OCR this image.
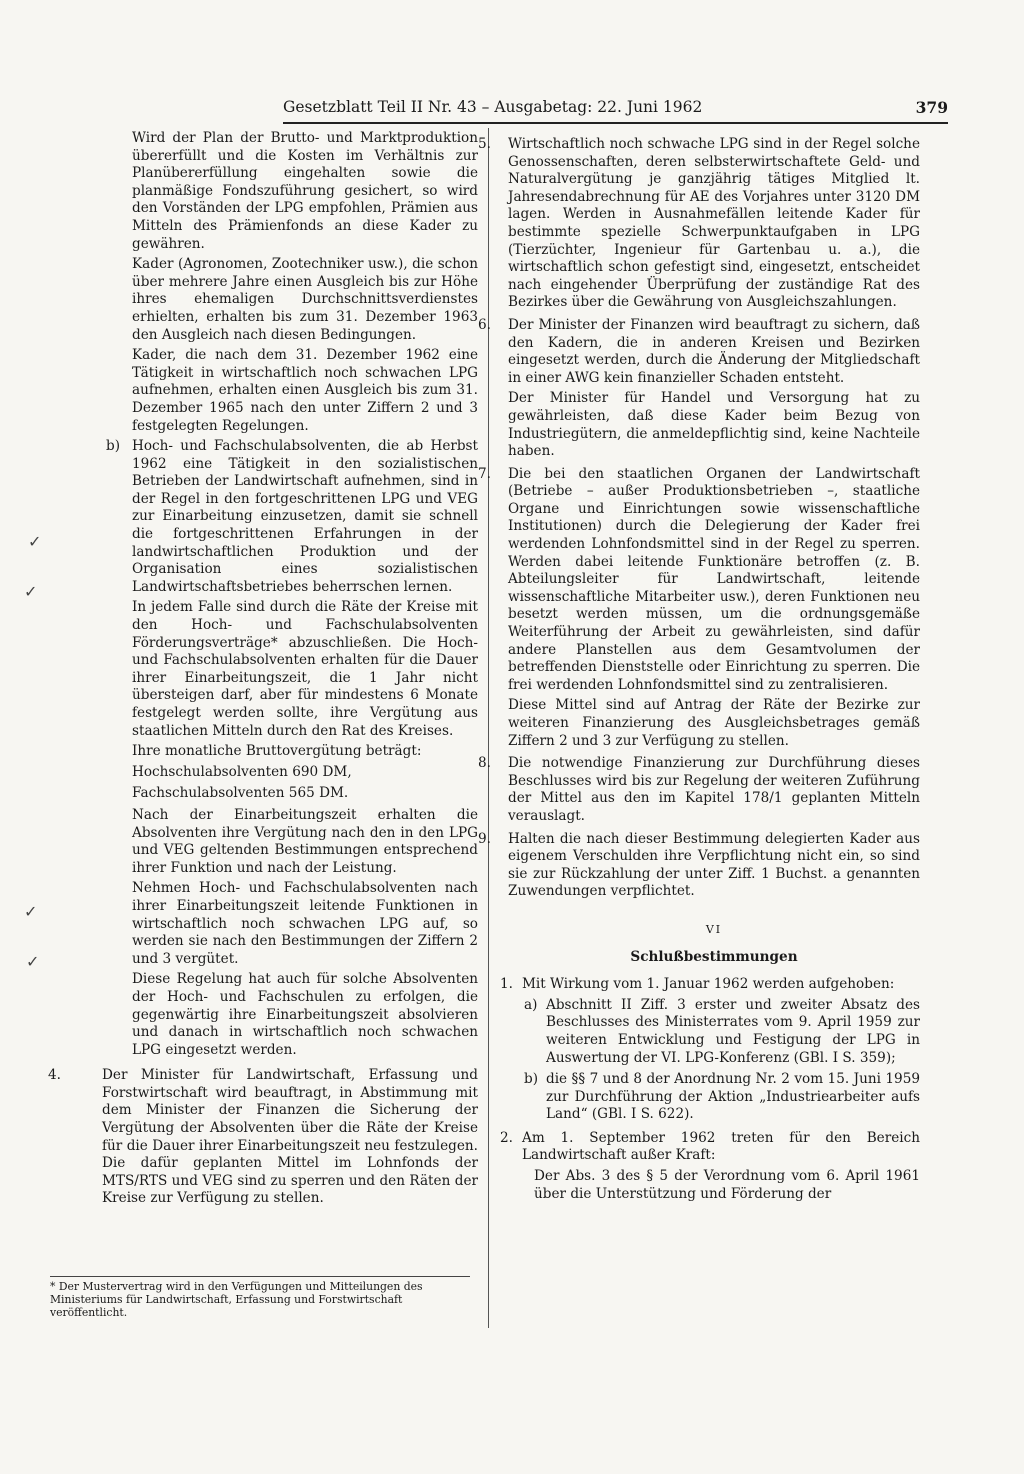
Gesetzblatt Teil II Nr. 43 – Ausgabetag: 22. Juni 1962	379
✓
✓
✓
✓

Wird der Plan der Brutto- und Marktproduktion übererfüllt und die Kosten im Verhältnis zur Planübererfüllung eingehalten sowie die planmäßige Fondszuführung gesichert, so wird den Vorständen der LPG empfohlen, Prämien aus Mitteln des Prämienfonds an diese Kader zu gewähren.

Kader (Agronomen, Zootechniker usw.), die schon über mehrere Jahre einen Ausgleich bis zur Höhe ihres ehemaligen Durchschnittsverdienstes erhielten, erhalten bis zum 31. Dezember 1963 den Ausgleich nach diesen Bedingungen.

Kader, die nach dem 31. Dezember 1962 eine Tätigkeit in wirtschaftlich noch schwachen LPG aufnehmen, erhalten einen Ausgleich bis zum 31. Dezember 1965 nach den unter Ziffern 2 und 3 festgelegten Regelungen.

b) Hoch- und Fachschulabsolventen, die ab Herbst 1962 eine Tätigkeit in den sozialistischen Betrieben der Landwirtschaft aufnehmen, sind in der Regel in den fortgeschrittenen LPG und VEG zur Einarbeitung einzusetzen, damit sie schnell die fortgeschrittenen Erfahrungen in der landwirtschaftlichen Produktion und der Organisation eines sozialistischen Landwirtschaftsbetriebes beherrschen lernen.

In jedem Falle sind durch die Räte der Kreise mit den Hoch- und Fachschulabsolventen Förderungsverträge* abzuschließen. Die Hoch- und Fachschulabsolventen erhalten für die Dauer ihrer Einarbeitungszeit, die 1 Jahr nicht übersteigen darf, aber für mindestens 6 Monate festgelegt werden sollte, ihre Vergütung aus staatlichen Mitteln durch den Rat des Kreises.

Ihre monatliche Bruttovergütung beträgt:

Hochschulabsolventen 690 DM,

Fachschulabsolventen 565 DM.

Nach der Einarbeitungszeit erhalten die Absolventen ihre Vergütung nach den in den LPG und VEG geltenden Bestimmungen entsprechend ihrer Funktion und nach der Leistung.

Nehmen Hoch- und Fachschulabsolventen nach ihrer Einarbeitungszeit leitende Funktionen in wirtschaftlich noch schwachen LPG auf, so werden sie nach den Bestimmungen der Ziffern 2 und 3 vergütet.

Diese Regelung hat auch für solche Absolventen der Hoch- und Fachschulen zu erfolgen, die gegenwärtig ihre Einarbeitungszeit absolvieren und danach in wirtschaftlich noch schwachen LPG eingesetzt werden.

4.	Der Minister für Landwirtschaft, Erfassung und Forstwirtschaft wird beauftragt, in Abstimmung mit dem Minister der Finanzen die Sicherung der Vergütung der Absolventen über die Räte der Kreise für die Dauer ihrer Einarbeitungszeit neu festzulegen. Die dafür geplanten Mittel im Lohnfonds der MTS/RTS und VEG sind zu sperren und den Räten der Kreise zur Verfügung zu stellen.

* Der Mustervertrag wird in den Verfügungen und Mitteilungen des Ministeriums für Landwirtschaft, Erfassung und Forstwirtschaft veröffentlicht.
5. Wirtschaftlich noch schwache LPG sind in der Regel solche Genossenschaften, deren selbsterwirtschaftete Geld- und Naturalvergütung je ganzjährig tätiges Mitglied lt. Jahresendabrechnung für AE des Vorjahres unter 3120 DM lagen. Werden in Ausnahmefällen leitende Kader für bestimmte spezielle Schwerpunktaufgaben in LPG (Tierzüchter, Ingenieur für Gartenbau u. a.), die wirtschaftlich schon gefestigt sind, eingesetzt, entscheidet nach eingehender Überprüfung der zuständige Rat des Bezirkes über die Gewährung von Ausgleichszahlungen.

6. Der Minister der Finanzen wird beauftragt zu sichern, daß den Kadern, die in anderen Kreisen und Bezirken eingesetzt werden, durch die Änderung der Mitgliedschaft in einer AWG kein finanzieller Schaden entsteht.

Der Minister für Handel und Versorgung hat zu gewährleisten, daß diese Kader beim Bezug von Industriegütern, die anmeldepflichtig sind, keine Nachteile haben.

7. Die bei den staatlichen Organen der Landwirtschaft (Betriebe – außer Produktionsbetrieben –, staatliche Organe und Einrichtungen sowie wissenschaftliche Institutionen) durch die Delegierung der Kader frei werdenden Lohnfondsmittel sind in der Regel zu sperren. Werden dabei leitende Funktionäre betroffen (z. B. Abteilungsleiter für Landwirtschaft, leitende wissenschaftliche Mitarbeiter usw.), deren Funktionen neu besetzt werden müssen, um die ordnungsgemäße Weiterführung der Arbeit zu gewährleisten, sind dafür andere Planstellen aus dem Gesamtvolumen der betreffenden Dienststelle oder Einrichtung zu sperren. Die frei werdenden Lohnfondsmittel sind zu zentralisieren.

Diese Mittel sind auf Antrag der Räte der Bezirke zur weiteren Finanzierung des Ausgleichsbetrages gemäß Ziffern 2 und 3 zur Verfügung zu stellen.

8. Die notwendige Finanzierung zur Durchführung dieses Beschlusses wird bis zur Regelung der weiteren Zuführung der Mittel aus den im Kapitel 178/1 geplanten Mitteln verauslagt.

9. Halten die nach dieser Bestimmung delegierten Kader aus eigenem Verschulden ihre Verpflichtung nicht ein, so sind sie zur Rückzahlung der unter Ziff. 1 Buchst. a genannten Zuwendungen verpflichtet.

VI
Schlußbestimmungen
1. Mit Wirkung vom 1. Januar 1962 werden aufgehoben:

a) Abschnitt II Ziff. 3 erster und zweiter Absatz des Beschlusses des Ministerrates vom 9. April 1959 zur weiteren Entwicklung und Festigung der LPG in Auswertung der VI. LPG-Konferenz (GBl. I S. 359);

b) die §§ 7 und 8 der Anordnung Nr. 2 vom 15. Juni 1959 zur Durchführung der Aktion „Industriearbeiter aufs Land“ (GBl. I S. 622).

2. Am 1. September 1962 treten für den Bereich Landwirtschaft außer Kraft:

Der Abs. 3 des § 5 der Verordnung vom 6. April 1961 über die Unterstützung und Förderung der
